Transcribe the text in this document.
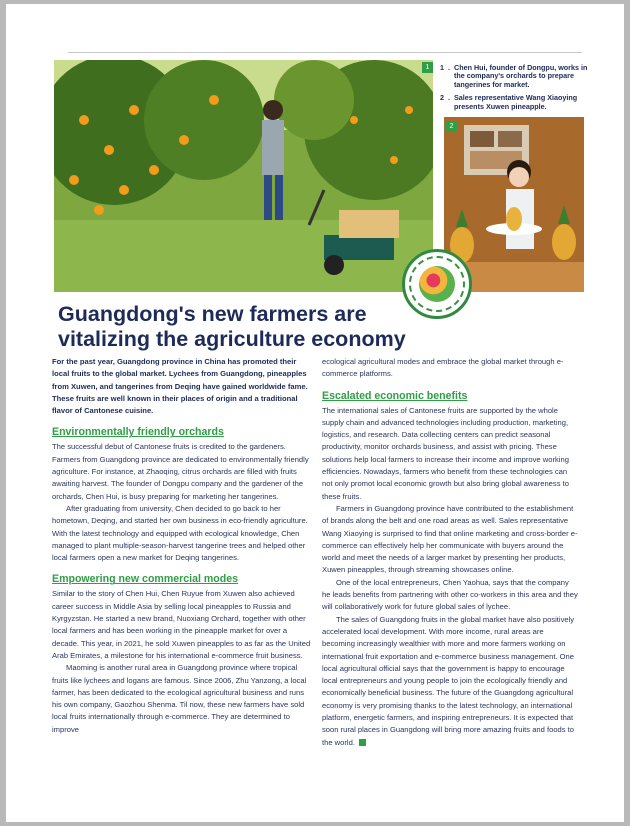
1
2
1 . Chen Hui, founder of Dongpu, works in the company's orchards to prepare tangerines for market.
2 . Sales representative Wang Xiaoying presents Xuwen pineapple.
Guangdong's new farmers are vitalizing the agriculture economy

For the past year, Guangdong province in China has promoted their local fruits to the global market. Lychees from Guangdong, pineapples from Xuwen, and tangerines from Deqing have gained worldwide fame. These fruits are well known in their places of origin and a traditional flavor of Cantonese cuisine.

Environmentally friendly orchards

The successful debut of Cantonese fruits is credited to the gardeners. Farmers from Guangdong province are dedicated to environmentally friendly agriculture. For instance, at Zhaoqing, citrus orchards are filled with fruits awaiting harvest. The founder of Dongpu company and the gardener of the orchards, Chen Hui, is busy preparing for marketing her tangerines.

After graduating from university, Chen decided to go back to her hometown, Deqing, and started her own business in eco-friendly agriculture. With the latest technology and equipped with ecological knowledge, Chen managed to plant multiple-season-harvest tangerine trees and helped other local farmers open a new market for Deqing tangerines.

Empowering new commercial modes

Similar to the story of Chen Hui, Chen Ruyue from Xuwen also achieved career success in Middle Asia by selling local pineapples to Russia and Kyrgyzstan. He started a new brand, Nuoxiang Orchard, together with other local farmers and has been working in the pineapple market for over a decade. This year, in 2021, he sold Xuwen pineapples to as far as the United Arab Emirates, a milestone for his international e-commerce fruit business.

Maoming is another rural area in Guangdong province where tropical fruits like lychees and logans are famous. Since 2006, Zhu Yanzong, a local farmer, has been dedicated to the ecological agricultural business and runs his own company, Gaozhou Shenma. Til now, these new farmers have sold local fruits internationally through e-commerce. They are determined to improve

ecological agricultural modes and embrace the global market through e-commerce platforms.

Escalated economic benefits

The international sales of Cantonese fruits are supported by the whole supply chain and advanced technologies including production, marketing, logistics, and research. Data collecting centers can predict seasonal productivity, monitor orchards business, and assist with pricing. These solutions help local farmers to increase their income and improve working efficiencies. Nowadays, farmers who benefit from these technologies can not only promot local economic growth but also bring global awareness to these fruits.

Farmers in Guangdong province have contributed to the establishment of brands along the belt and one road areas as well. Sales representative Wang Xiaoying is surprised to find that online marketing and cross-border e-commerce can effectively help her communicate with buyers around the world and meet the needs of a larger market by presenting her products, Xuwen pineapples, through streaming showcases online.

One of the local entrepreneurs, Chen Yaohua, says that the company he leads benefits from partnering with other co-workers in this area and they will collaboratively work for future global sales of lychee.

The sales of Guangdong fruits in the global market have also positively accelerated local development. With more income, rural areas are becoming increasingly wealthier with more and more farmers working on international fruit exportation and e-commerce business management. One local agricultural official says that the government is happy to encourage local entrepreneurs and young people to join the ecologically friendly and economically beneficial business. The future of the Guangdong agricultural economy is very promising thanks to the latest technology, an international platform, energetic farmers, and inspiring entrepreneurs. It is expected that soon rural places in Guangdong will bring more amazing fruits and foods to the world.
